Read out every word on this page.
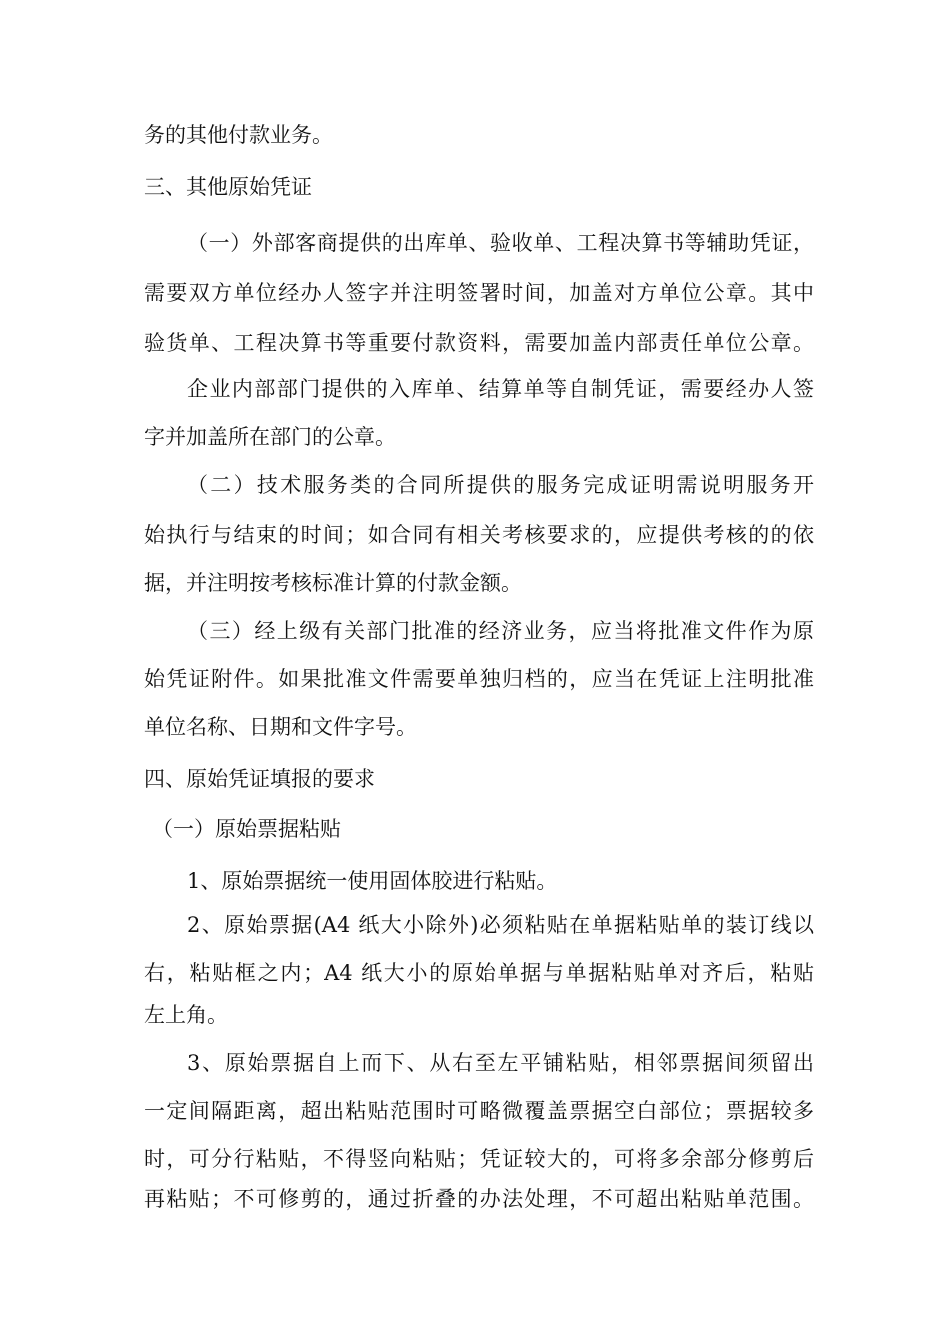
务的其他付款业务。
三、其他原始凭证
（一）外部客商提供的出库单、验收单、工程决算书等辅助凭证，
需要双方单位经办人签字并注明签署时间，加盖对方单位公章。其中
验货单、工程决算书等重要付款资料，需要加盖内部责任单位公章。
企业内部部门提供的入库单、结算单等自制凭证，需要经办人签
字并加盖所在部门的公章。
（二）技术服务类的合同所提供的服务完成证明需说明服务开
始执行与结束的时间；如合同有相关考核要求的，应提供考核的的依
据，并注明按考核标准计算的付款金额。
（三）经上级有关部门批准的经济业务，应当将批准文件作为原
始凭证附件。如果批准文件需要单独归档的，应当在凭证上注明批准
单位名称、日期和文件字号。
四、原始凭证填报的要求
（一）原始票据粘贴
1、原始票据统一使用固体胶进行粘贴。
2、原始票据(A4 纸大小除外)必须粘贴在单据粘贴单的装订线以
右，粘贴框之内；A4 纸大小的原始单据与单据粘贴单对齐后，粘贴
左上角。
3、原始票据自上而下、从右至左平铺粘贴，相邻票据间须留出
一定间隔距离，超出粘贴范围时可略微覆盖票据空白部位；票据较多
时，可分行粘贴，不得竖向粘贴；凭证较大的，可将多余部分修剪后
再粘贴；不可修剪的，通过折叠的办法处理，不可超出粘贴单范围。
